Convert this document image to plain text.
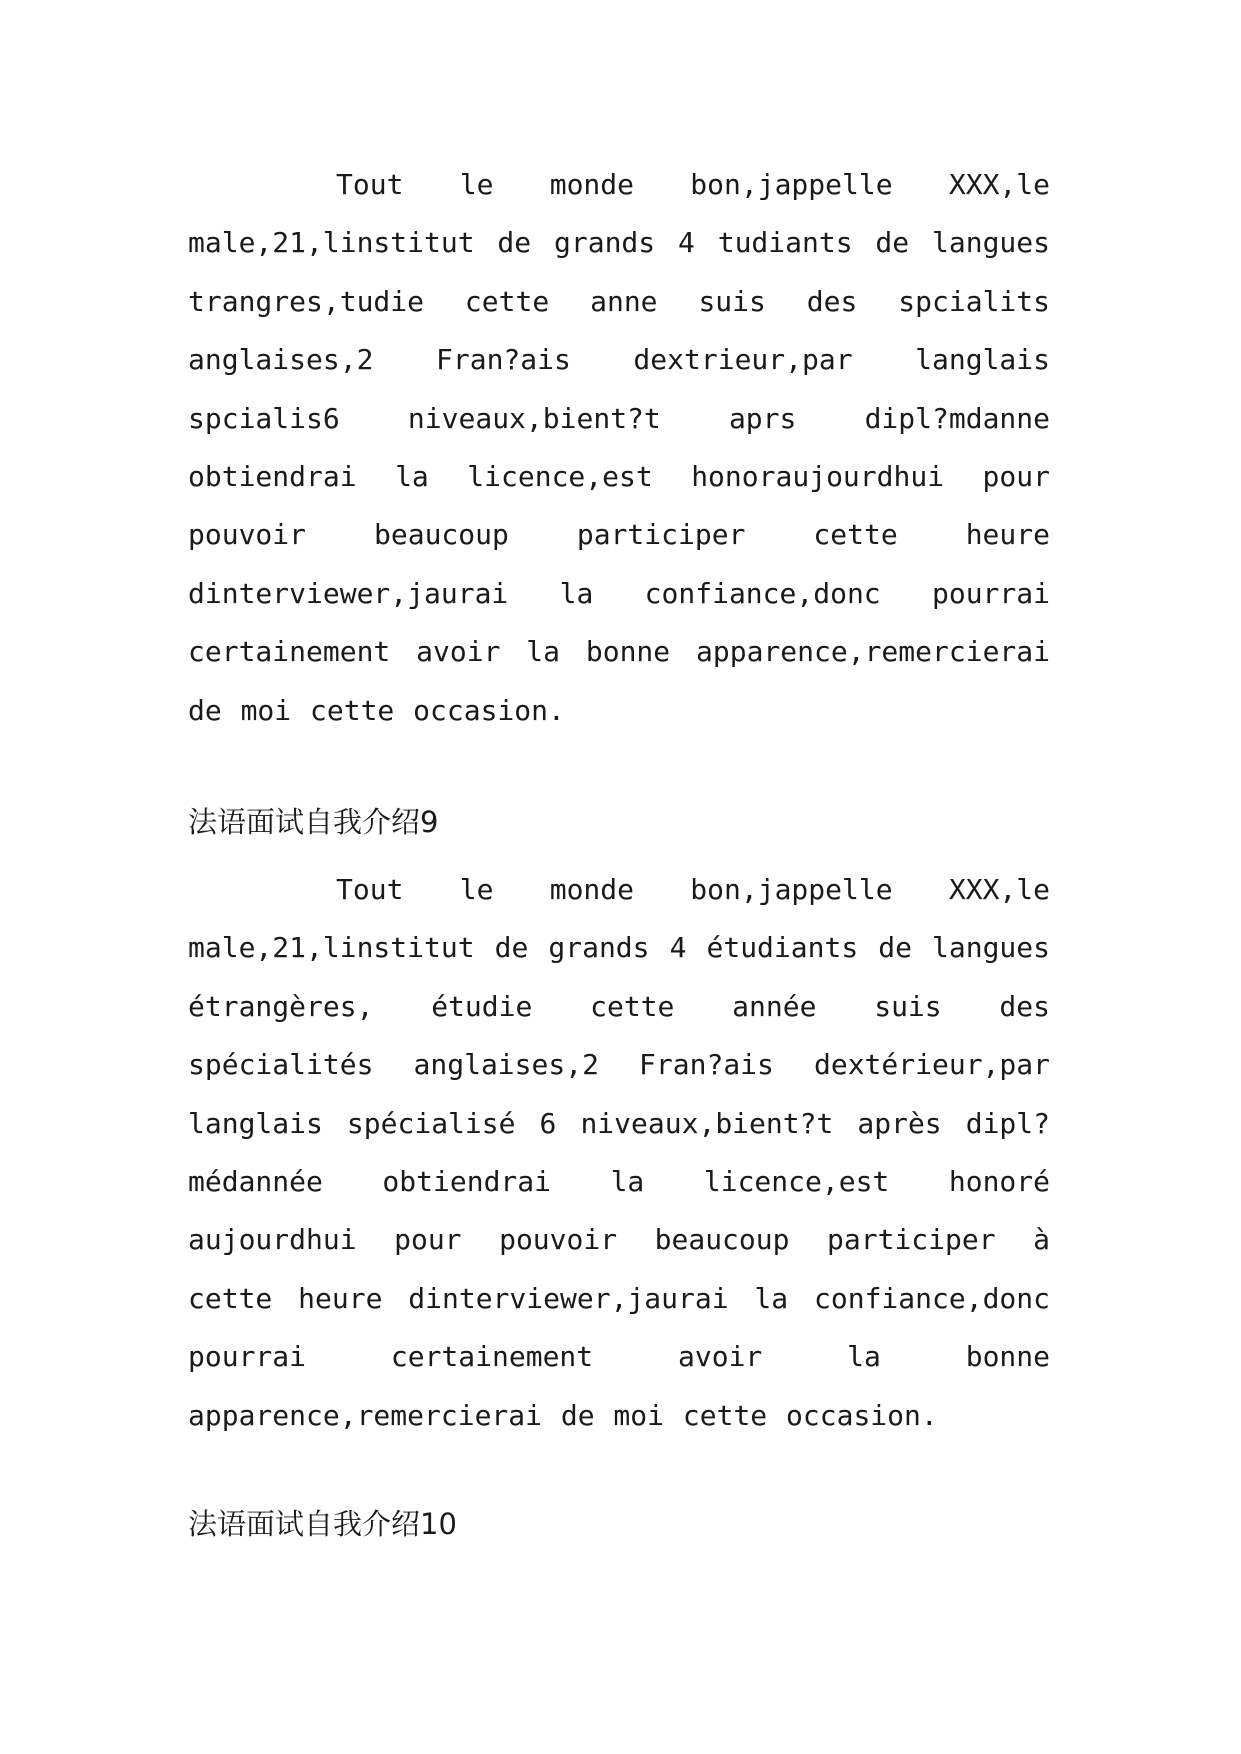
Tout le monde bon,jappelle XXX,le male,21,linstitut de grands 4 tudiants de langues trangres,tudie cette anne suis des spcialits anglaises,2 Fran?ais dextrieur,par langlais spcialis6 niveaux,bient?t aprs dipl?mdanne obtiendrai la licence,est honoraujourdhui pour pouvoir beaucoup participer cette heure dinterviewer,jaurai la confiance,donc pourrai certainement avoir la bonne apparence,remercierai de moi cette occasion.

法语面试自我介绍9

Tout le monde bon,jappelle XXX,le male,21,linstitut de grands 4 étudiants de langues étrangères, étudie cette année suis des spécialités anglaises,2 Fran?ais dextérieur,par langlais spécialisé 6 niveaux,bient?t après dipl?médannée obtiendrai la licence,est honoré aujourdhui pour pouvoir beaucoup participer à cette heure dinterviewer,jaurai la confiance,donc pourrai certainement avoir la bonne apparence,remercierai de moi cette occasion.

法语面试自我介绍10
